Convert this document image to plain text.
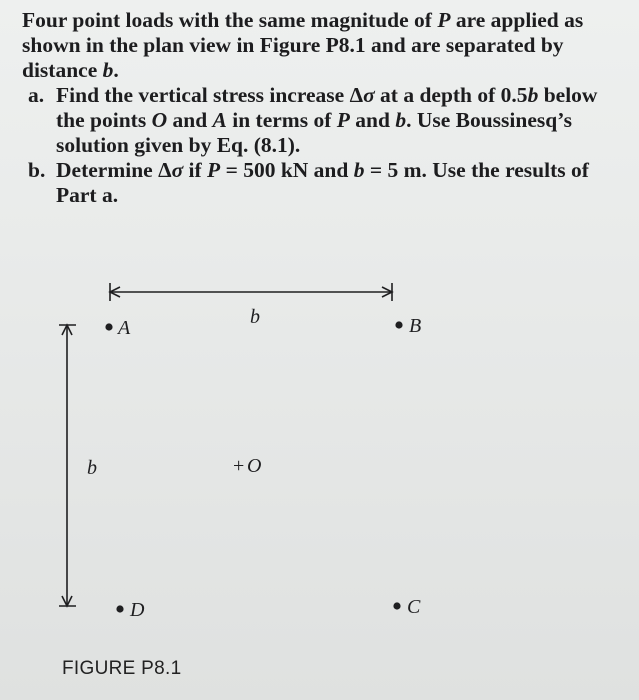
Four point loads with the same magnitude of P are applied as shown in the plan view in Figure P8.1 and are separated by distance b.

a. Find the vertical stress increase Δσ at a depth of 0.5b below the points O and A in terms of P and b. Use Boussinesq’s solution given by Eq. (8.1).

b. Determine Δσ if P = 500 kN and b = 5 m. Use the results of Part a.

b
b
A	B
D	C
+ O
FIGURE P8.1
